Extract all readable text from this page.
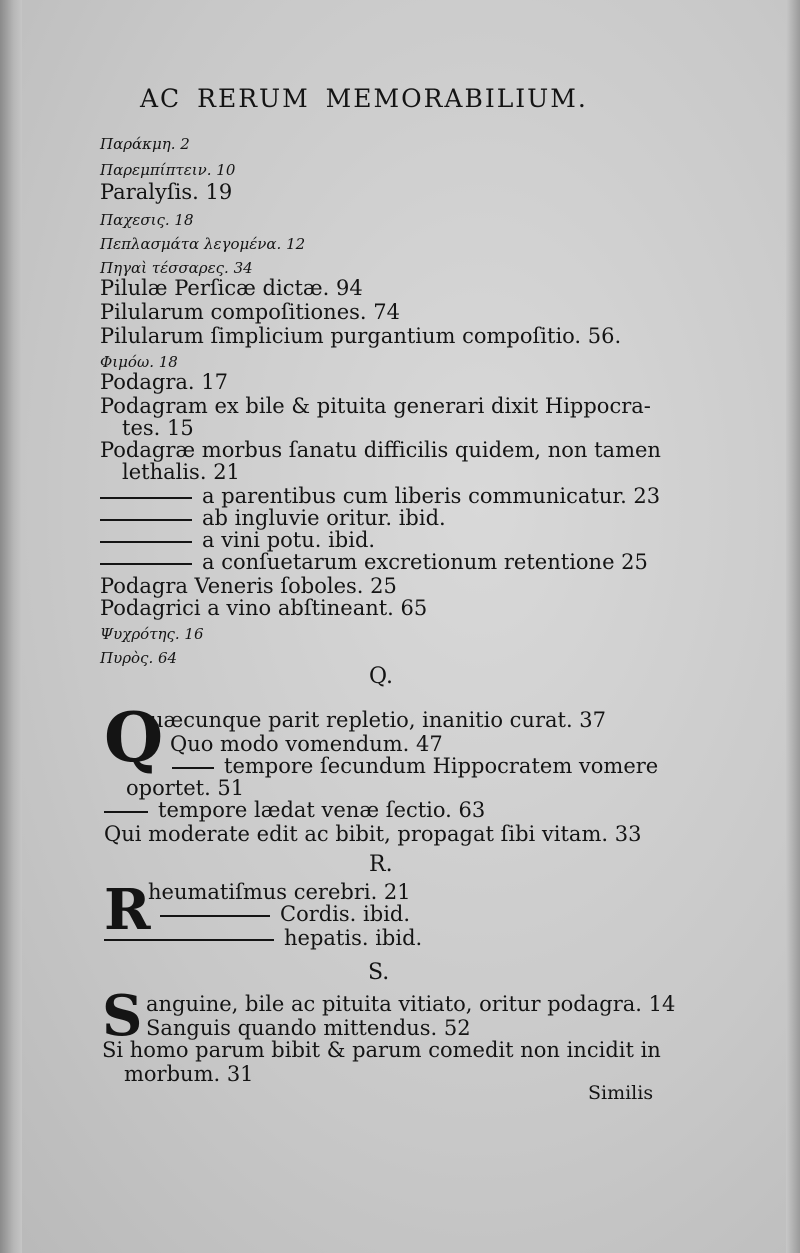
AC RERUM MEMORABILIUM.
Παράκμη. 2
Παρεμπίπτειν. 10
Paralyſis. 19
Παχεσις. 18
Πεπλασμάτα λεγομένα. 12
Πηγαὶ τέσσαρες. 34
Pilulæ Perſicæ dictæ. 94
Pilularum compoſitiones. 74
Pilularum ſimplicium purgantium compoſitio. 56.
Φιμόω. 18
Podagra. 17
Podagram ex bile & pituita generari dixit Hippocra-
tes. 15
Podagræ morbus ſanatu difficilis quidem, non tamen
lethalis. 21
a parentibus cum liberis communicatur. 23
ab ingluvie oritur. ibid.
a vini potu. ibid.
a conſuetarum excretionum retentione 25
Podagra Veneris ſoboles. 25
Podagrici a vino abſtineant. 65
Ψυχρότης. 16
Πυρὸς. 64
Q.
Q
uæcunque parit repletio, inanitio curat. 37
Quo modo vomendum. 47
tempore ſecundum Hippocratem vomere
oportet. 51
tempore lædat venæ ſectio. 63
Qui moderate edit ac bibit, propagat ſibi vitam. 33
R.
R
heumatiſmus cerebri. 21
Cordis. ibid.
hepatis. ibid.
S.
S anguine, bile ac pituita vitiato, oritur podagra. 14
Sanguis quando mittendus. 52
Si homo parum bibit & parum comedit non incidit in
morbum. 31
Similis
